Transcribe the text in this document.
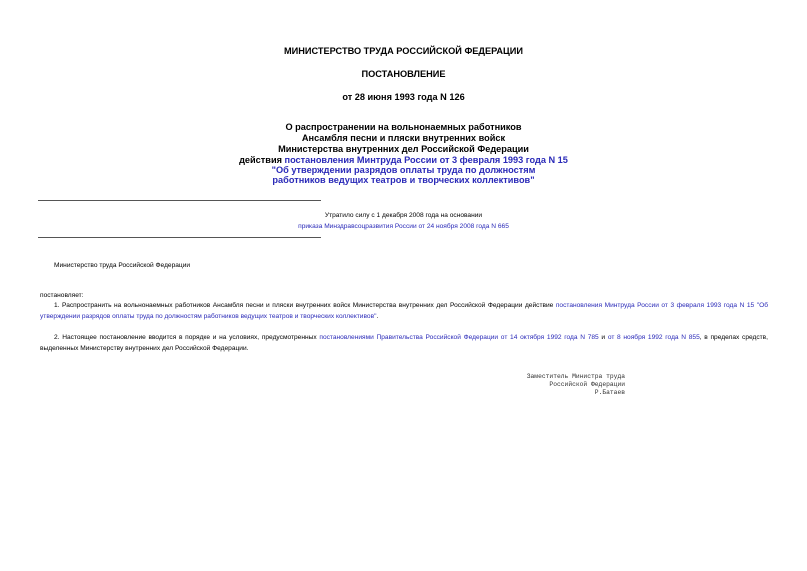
МИНИСТЕРСТВО ТРУДА РОССИЙСКОЙ ФЕДЕРАЦИИ
ПОСТАНОВЛЕНИЕ
от 28 июня 1993 года N 126
О распространении на вольнонаемных работников
Ансамбля песни и пляски внутренних войск
Министерства внутренних дел Российской Федерации
действия постановления Минтруда России от 3 февраля 1993 года N 15
"Об утверждении разрядов оплаты труда по должностям
работников ведущих театров и творческих коллективов"
Утратило силу с 1 декабря 2008 года на основании
приказа Минздравсоцразвития России от 24 ноября 2008 года N 665
Министерство труда Российской Федерации
постановляет:
1. Распространить на вольнонаемных работников Ансамбля песни и пляски внутренних войск Министерства внутренних дел Российской Федерации действие постановления Минтруда России от 3 февраля 1993 года N 15 "Об утверждении разрядов оплаты труда по должностям работников ведущих театров и творческих коллективов".
2. Настоящее постановление вводится в порядке и на условиях, предусмотренных постановлениями Правительства Российской Федерации от 14 октября 1992 года N 785 и от 8 ноября 1992 года N 855, в пределах средств, выделенных Министерству внутренних дел Российской Федерации.
Заместитель Министра труда
Российской Федерации
Р.Батаев
